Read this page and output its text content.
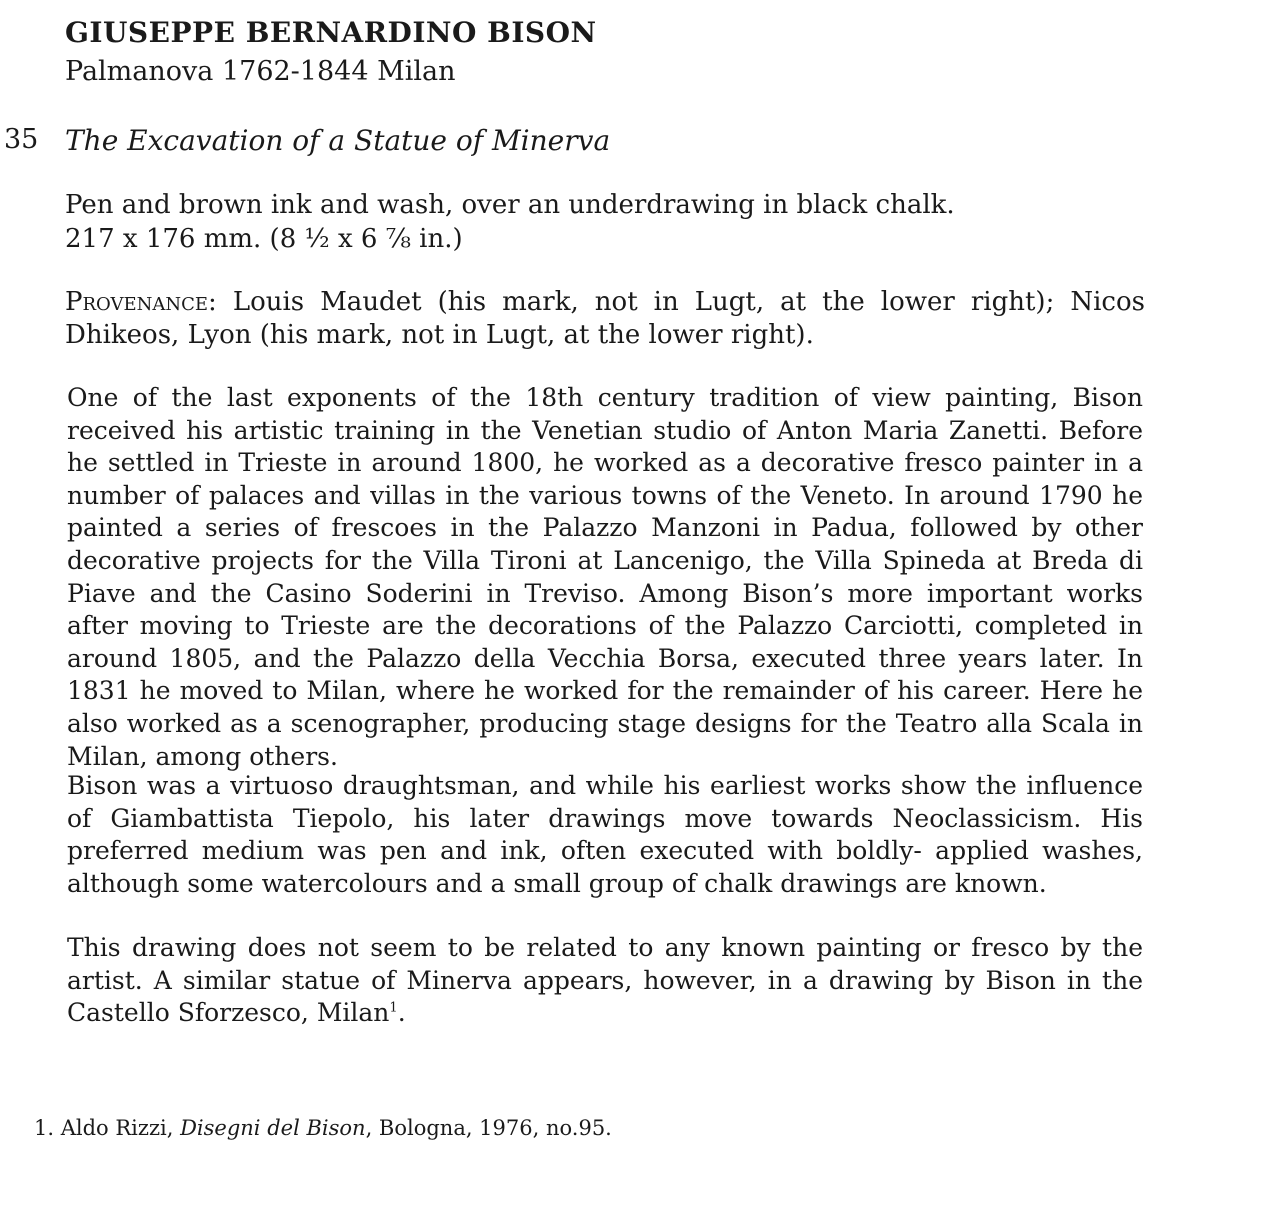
GIUSEPPE BERNARDINO BISON
Palmanova 1762-1844 Milan
35 The Excavation of a Statue of Minerva
Pen and brown ink and wash, over an underdrawing in black chalk.
217 x 176 mm. (8 ½ x 6 ⅞ in.)
Provenance: Louis Maudet (his mark, not in Lugt, at the lower right); Nicos Dhikeos, Lyon (his mark, not in Lugt, at the lower right).
One of the last exponents of the 18th century tradition of view painting, Bison received his artistic training in the Venetian studio of Anton Maria Zanetti. Before he settled in Trieste in around 1800, he worked as a decorative fresco painter in a number of palaces and villas in the various towns of the Veneto. In around 1790 he painted a series of frescoes in the Palazzo Manzoni in Padua, followed by other decorative projects for the Villa Tironi at Lancenigo, the Villa Spineda at Breda di Piave and the Casino Soderini in Treviso. Among Bison’s more important works after moving to Trieste are the decorations of the Palazzo Carciotti, completed in around 1805, and the Palazzo della Vecchia Borsa, executed three years later. In 1831 he moved to Milan, where he worked for the remainder of his career. Here he also worked as a scenographer, producing stage designs for the Teatro alla Scala in Milan, among others.
Bison was a virtuoso draughtsman, and while his earliest works show the influence of Giambattista Tiepolo, his later drawings move towards Neoclassicism. His preferred medium was pen and ink, often executed with boldly- applied washes, although some watercolours and a small group of chalk drawings are known.
This drawing does not seem to be related to any known painting or fresco by the artist. A similar statue of Minerva appears, however, in a drawing by Bison in the Castello Sforzesco, Milan$^1$.
1. Aldo Rizzi, Disegni del Bison, Bologna, 1976, no.95.
